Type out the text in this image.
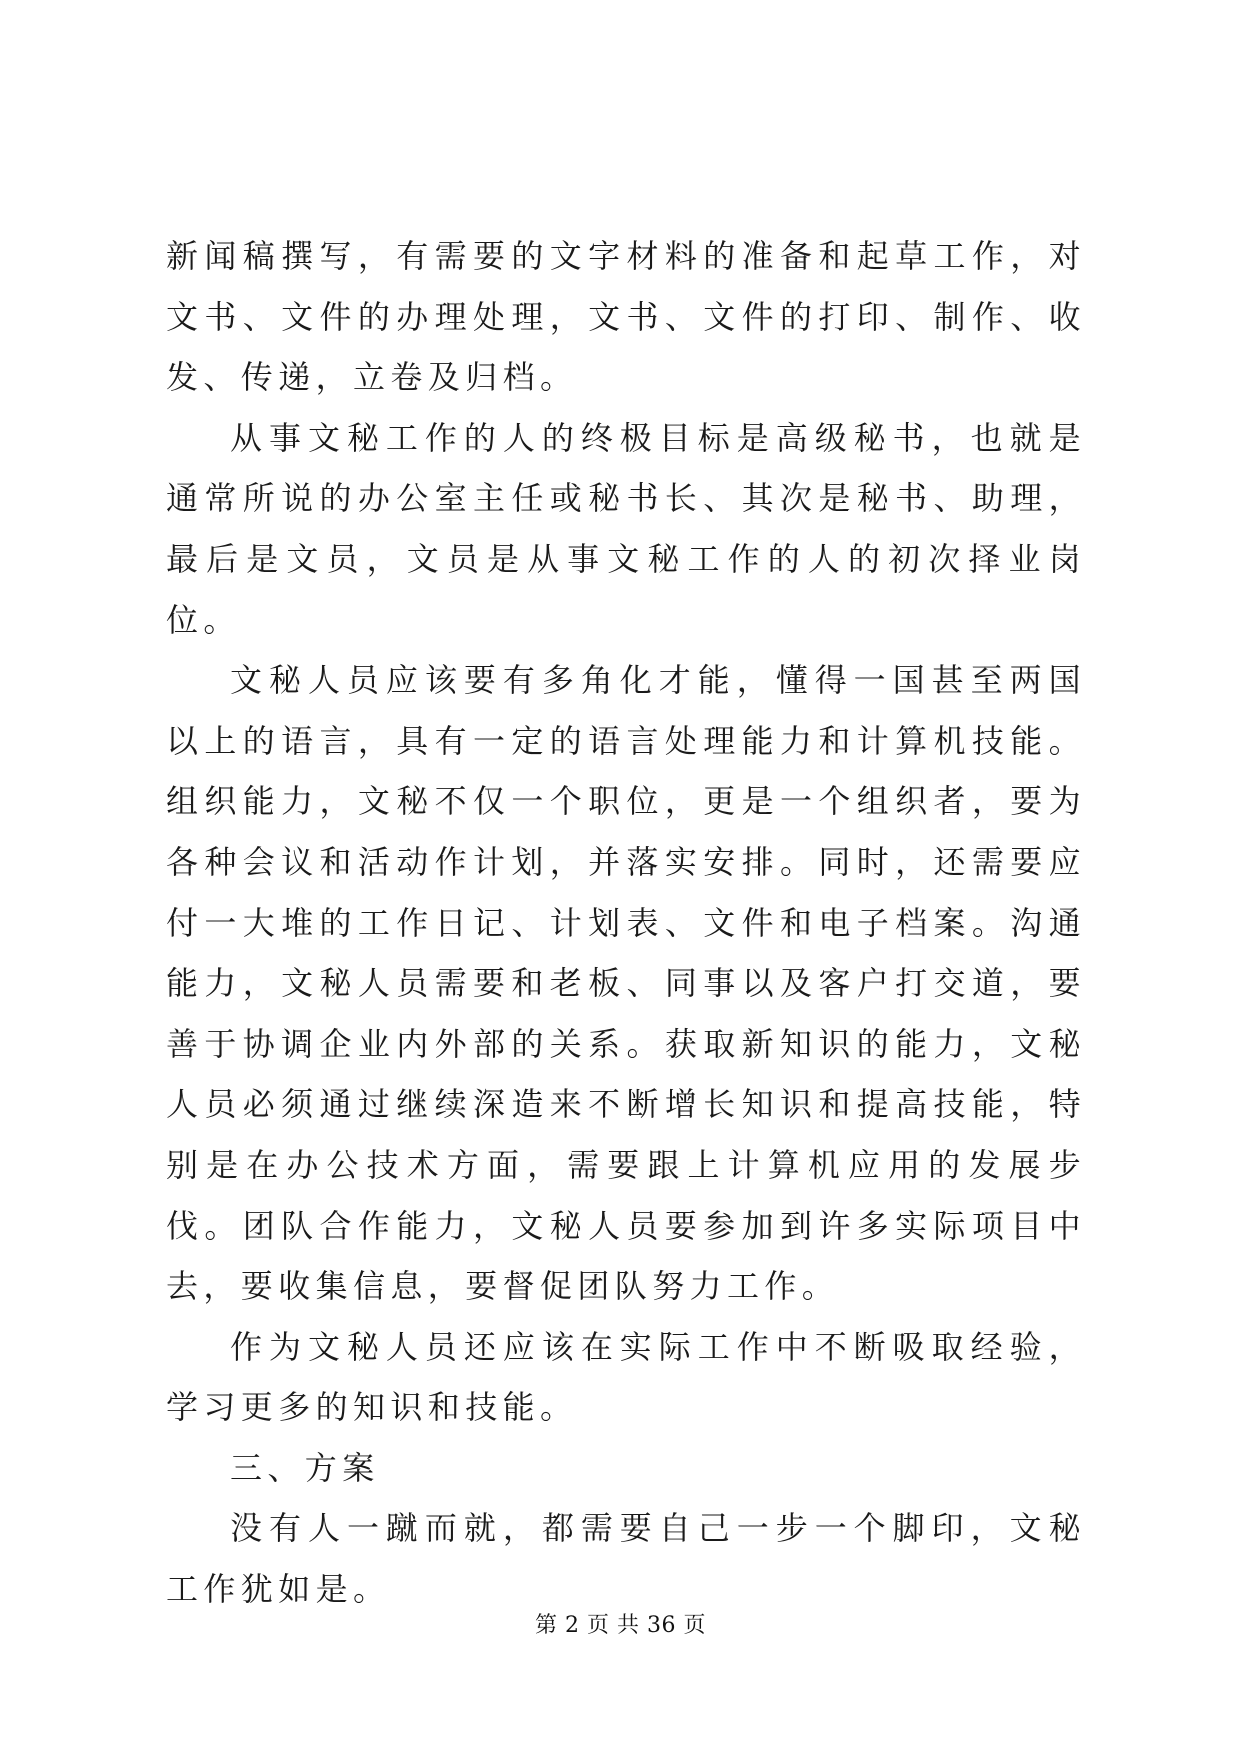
新闻稿撰写，有需要的文字材料的准备和起草工作，对文书、文件的办理处理，文书、文件的打印、制作、收发、传递，立卷及归档。

从事文秘工作的人的终极目标是高级秘书，也就是通常所说的办公室主任或秘书长、其次是秘书、助理，最后是文员，文员是从事文秘工作的人的初次择业岗位。

文秘人员应该要有多角化才能，懂得一国甚至两国以上的语言，具有一定的语言处理能力和计算机技能。组织能力，文秘不仅一个职位，更是一个组织者，要为各种会议和活动作计划，并落实安排。同时，还需要应付一大堆的工作日记、计划表、文件和电子档案。沟通能力，文秘人员需要和老板、同事以及客户打交道，要善于协调企业内外部的关系。获取新知识的能力，文秘人员必须通过继续深造来不断增长知识和提高技能，特别是在办公技术方面，需要跟上计算机应用的发展步伐。团队合作能力，文秘人员要参加到许多实际项目中去，要收集信息，要督促团队努力工作。

作为文秘人员还应该在实际工作中不断吸取经验，学习更多的知识和技能。

三、方案

没有人一蹴而就，都需要自己一步一个脚印，文秘工作犹如是。

第 2 页 共 36 页
